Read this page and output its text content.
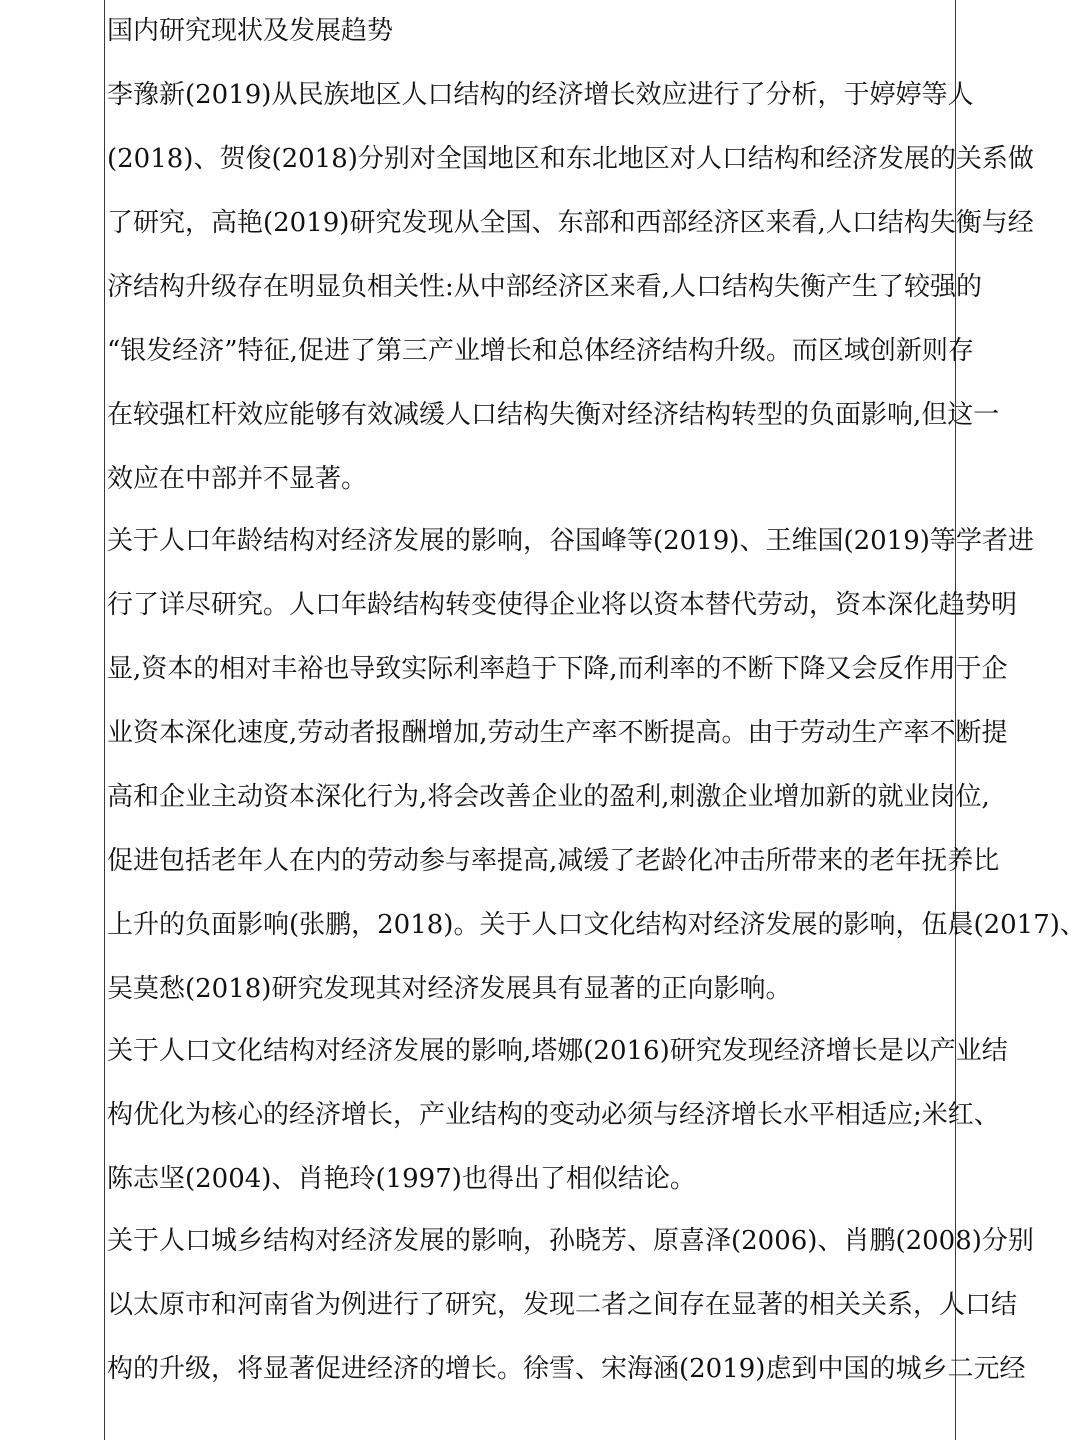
国内研究现状及发展趋势
李豫新(2019)从民族地区人口结构的经济增长效应进行了分析，于婷婷等人
(2018)、贺俊(2018)分别对全国地区和东北地区对人口结构和经济发展的关系做
了研究，高艳(2019)研究发现从全国、东部和西部经济区来看,人口结构失衡与经
济结构升级存在明显负相关性:从中部经济区来看,人口结构失衡产生了较强的
“银发经济”特征,促进了第三产业增长和总体经济结构升级。而区域创新则存
在较强杠杆效应能够有效减缓人口结构失衡对经济结构转型的负面影响,但这一
效应在中部并不显著。
关于人口年龄结构对经济发展的影响，谷国峰等(2019)、王维国(2019)等学者进
行了详尽研究。人口年龄结构转变使得企业将以资本替代劳动，资本深化趋势明
显,资本的相对丰裕也导致实际利率趋于下降,而利率的不断下降又会反作用于企
业资本深化速度,劳动者报酬增加,劳动生产率不断提高。由于劳动生产率不断提
高和企业主动资本深化行为,将会改善企业的盈利,刺激企业增加新的就业岗位,
促进包括老年人在内的劳动参与率提高,减缓了老龄化冲击所带来的老年抚养比
上升的负面影响(张鹏，2018)。关于人口文化结构对经济发展的影响，伍晨(2017)、
吴莫愁(2018)研究发现其对经济发展具有显著的正向影响。
关于人口文化结构对经济发展的影响,塔娜(2016)研究发现经济增长是以产业结
构优化为核心的经济增长，产业结构的变动必须与经济增长水平相适应;米红、
陈志坚(2004)、肖艳玲(1997)也得出了相似结论。
关于人口城乡结构对经济发展的影响，孙晓芳、原喜泽(2006)、肖鹏(2008)分别
以太原市和河南省为例进行了研究，发现二者之间存在显著的相关关系，人口结
构的升级，将显著促进经济的增长。徐雪、宋海涵(2019)虑到中国的城乡二元经
